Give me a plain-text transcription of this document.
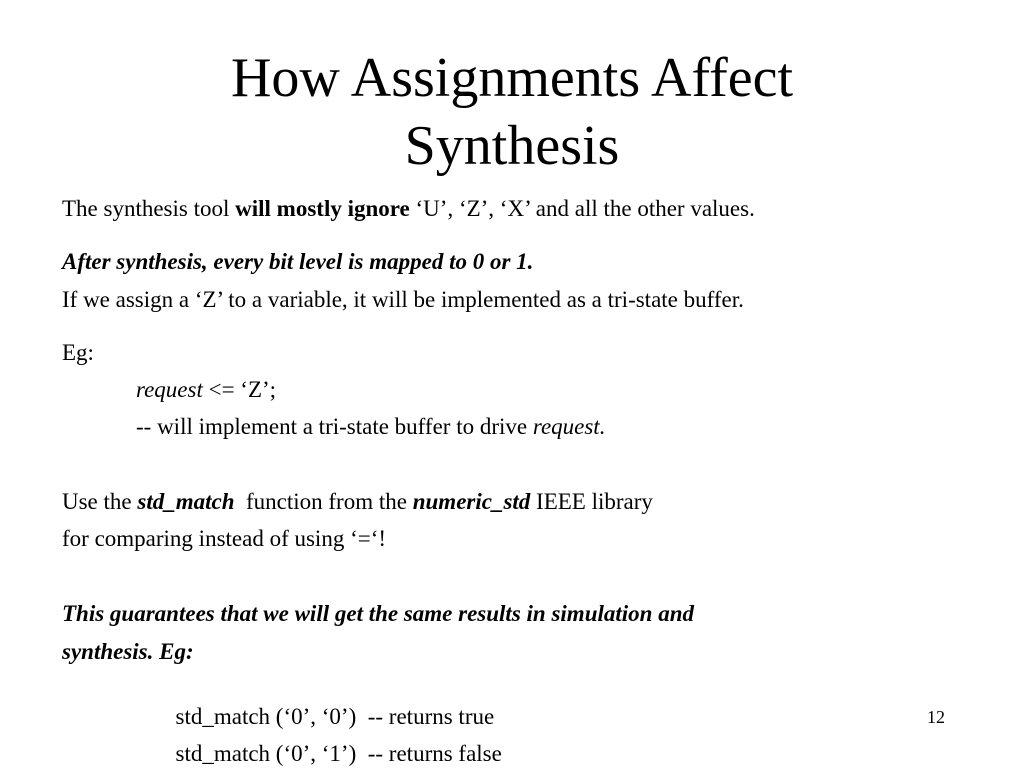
How Assignments Affect
Synthesis
The synthesis tool will mostly ignore ‘U’, ‘Z’, ‘X’ and all the other values.
After synthesis, every bit level is mapped to 0 or 1.
If we assign a ‘Z’ to a variable, it will be implemented as a tri-state buffer.
Eg:
request <= ‘Z’;
-- will implement a tri-state buffer to drive request.
Use the std_match  function from the numeric_std IEEE library
for comparing instead of using ‘=‘!
This guarantees that we will get the same results in simulation and
synthesis. Eg:

std_match (‘0’, ‘0’)  -- returns true

std_match (‘0’, ‘1’)  -- returns false

12
